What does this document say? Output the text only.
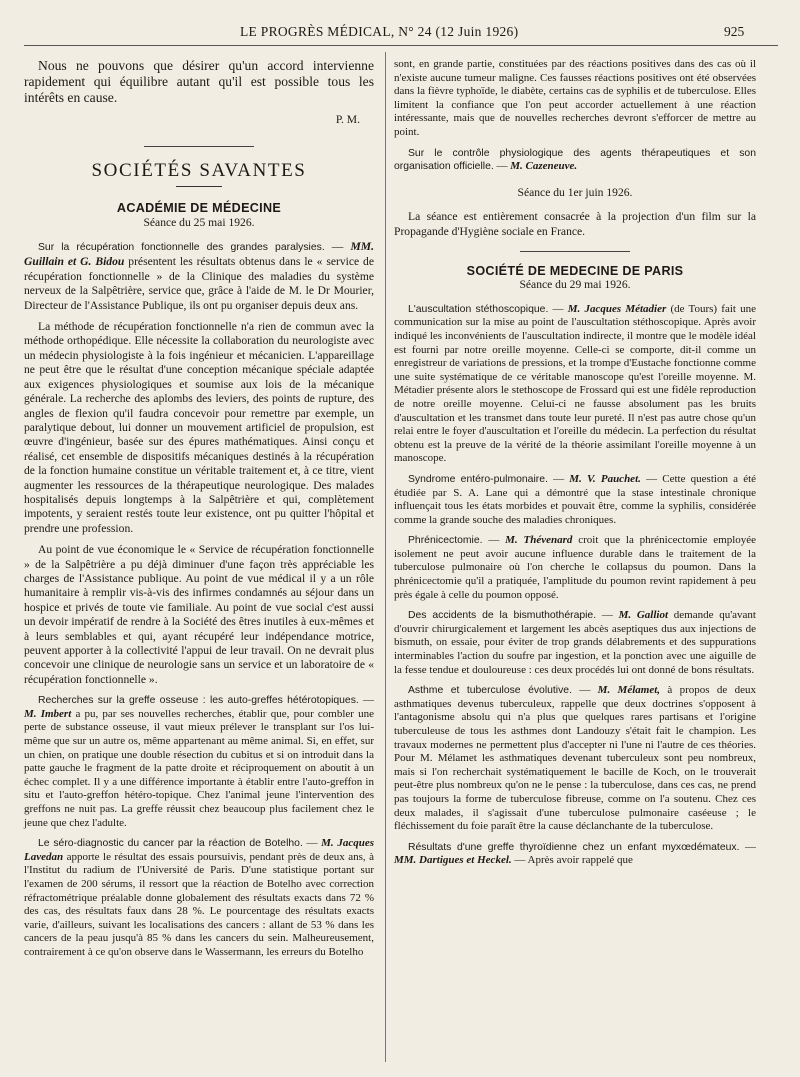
LE PROGRÈS MÉDICAL, N° 24 (12 Juin 1926)	925

Nous ne pouvons que désirer qu'un accord intervienne rapidement qui équilibre autant qu'il est possible tous les intérêts en cause.

P. M.

SOCIÉTÉS SAVANTES
ACADÉMIE DE MÉDECINE
Séance du 25 mai 1926.

Sur la récupération fonctionnelle des grandes paralysies. — MM. Guillain et G. Bidou présentent les résultats obtenus dans le « service de récupération fonctionnelle » de la Clinique des maladies du système nerveux de la Salpêtrière, service que, grâce à l'aide de M. le Dr Mourier, Directeur de l'Assistance Publique, ils ont pu organiser depuis deux ans.

La méthode de récupération fonctionnelle n'a rien de commun avec la méthode orthopédique. Elle nécessite la collaboration du neurologiste avec un médecin physiologiste à la fois ingénieur et mécanicien. L'appareillage ne peut être que le résultat d'une conception mécanique spéciale adaptée aux exigences physiologiques et soumise aux lois de la mécanique générale. La recherche des aplombs des leviers, des points de rupture, des angles de flexion qu'il faudra concevoir pour remettre par exemple, un paralytique debout, lui donner un mouvement artificiel de propulsion, est œuvre d'ingénieur, basée sur des épures mathématiques. Ainsi conçu et réalisé, cet ensemble de dispositifs mécaniques destinés à la récupération de la fonction humaine constitue un véritable traitement et, à ce titre, vient augmenter les ressources de la thérapeutique neurologique. Des malades hospitalisés depuis longtemps à la Salpêtrière et qui, complètement impotents, y seraient restés toute leur existence, ont pu quitter l'hôpital et prendre une profession.

Au point de vue économique le « Service de récupération fonctionnelle » de la Salpêtrière a pu déjà diminuer d'une façon très appréciable les charges de l'Assistance publique. Au point de vue médical il y a un rôle humanitaire à remplir vis-à-vis des infirmes condamnés au séjour dans un hospice et privés de toute vie familiale. Au point de vue social c'est aussi un devoir impératif de rendre à la Société des êtres inutiles à eux-mêmes et à leurs semblables et qui, ayant récupéré leur indépendance motrice, peuvent apporter à la collectivité l'appui de leur travail. On ne devrait plus concevoir une clinique de neurologie sans un service et un laboratoire de « récupération fonctionnelle ».

Recherches sur la greffe osseuse : les auto-greffes hétérotopiques. — M. Imbert a pu, par ses nouvelles recherches, établir que, pour combler une perte de substance osseuse, il vaut mieux prélever le transplant sur l'os lui-même que sur un autre os, même appartenant au même animal. Si, en effet, sur un chien, on pratique une double résection du cubitus et si on introduit dans la patte gauche le fragment de la patte droite et réciproquement on aboutit à un échec complet. Il y a une différence importante à établir entre l'auto-greffon in situ et l'auto-greffon hétéro-topique. Chez l'animal jeune l'intervention des greffons ne nuit pas. La greffe réussit chez beaucoup plus facilement chez le jeune que chez l'adulte.

Le séro-diagnostic du cancer par la réaction de Botelho. — M. Jacques Lavedan apporte le résultat des essais poursuivis, pendant près de deux ans, à l'Institut du radium de l'Université de Paris. D'une statistique portant sur l'examen de 200 sérums, il ressort que la réaction de Botelho avec correction réfractométrique préalable donne globalement des résultats exacts dans 72 % des cas, des résultats faux dans 28 %. Le pourcentage des résultats exacts varie, d'ailleurs, suivant les localisations des cancers : allant de 53 % dans les cancers de la peau jusqu'à 85 % dans les cancers du sein. Malheureusement, contrairement à ce qu'on observe dans le Wassermann, les erreurs du Botelho

sont, en grande partie, constituées par des réactions positives dans des cas où il n'existe aucune tumeur maligne. Ces fausses réactions positives ont été observées dans la fièvre typhoïde, le diabète, certains cas de syphilis et de tuberculose. Elles limitent la confiance que l'on peut accorder actuellement à une réaction intéressante, mais que de nouvelles recherches devront s'efforcer de mettre au point.

Sur le contrôle physiologique des agents thérapeutiques et son organisation officielle. — M. Cazeneuve.

Séance du 1er juin 1926.

La séance est entièrement consacrée à la projection d'un film sur la Propagande d'Hygiène sociale en France.

SOCIÉTÉ DE MEDECINE DE PARIS
Séance du 29 mai 1926.

L'auscultation stéthoscopique. — M. Jacques Métadier (de Tours) fait une communication sur la mise au point de l'auscultation stéthoscopique. Après avoir indiqué les inconvénients de l'auscultation indirecte, il montre que le modèle idéal est fourni par notre oreille moyenne. Celle-ci se comporte, dit-il comme un enregistreur de variations de pressions, et la trompe d'Eustache fonctionne comme une suite systématique de ce véritable manoscope qu'est l'oreille moyenne. M. Métadier présente alors le stethoscope de Frossard qui est une fidèle reproduction de notre oreille moyenne. Celui-ci ne fausse absolument pas les bruits d'auscultation et les transmet dans toute leur pureté. Il n'est pas autre chose qu'un relai entre le foyer d'auscultation et l'oreille du médecin. La perfection du résultat obtenu est la preuve de la vérité de la théorie assimilant l'oreille moyenne à un manoscope.

Syndrome entéro-pulmonaire. — M. V. Pauchet. — Cette question a été étudiée par S. A. Lane qui a démontré que la stase intestinale chronique influençait tous les états morbides et pouvait être, comme la syphilis, considérée comme la grande souche des maladies chroniques.

Phrénicectomie. — M. Thévenard croit que la phrénicectomie employée isolement ne peut avoir aucune influence durable dans le traitement de la tuberculose pulmonaire où l'on cherche le collapsus du poumon. Dans la phrénicectomie qu'il a pratiquée, l'amplitude du poumon revint rapidement à peu près égale à celle du poumon opposé.

Des accidents de la bismuthothérapie. — M. Galliot demande qu'avant d'ouvrir chirurgicalement et largement les abcès aseptiques dus aux injections de bismuth, on essaie, pour éviter de trop grands délabrements et des suppurations interminables l'action du soufre par ingestion, et la ponction avec une aiguille de la fesse tendue et douloureuse : ces deux procédés lui ont donné de bons résultats.

Asthme et tuberculose évolutive. — M. Mélamet, à propos de deux asthmatiques devenus tuberculeux, rappelle que deux doctrines s'opposent à l'antagonisme absolu qui n'a plus que quelques rares partisans et l'origine tuberculeuse de tous les asthmes dont Landouzy s'était fait le champion. Les travaux modernes ne permettent plus d'accepter ni l'une ni l'autre de ces théories. Pour M. Mélamet les asthmatiques devenant tuberculeux sont peu nombreux, mais si l'on recherchait systématiquement le bacille de Koch, on le trouverait peut-être plus nombreux qu'on ne le pense : la tuberculose, dans ces cas, ne prend pas toujours la forme de tuberculose fibreuse, comme on l'a soutenu. Chez ces deux malades, il s'agissait d'une tuberculose pulmonaire caséeuse ; le fléchissement du foie paraît être la cause déclanchante de la tuberculose.

Résultats d'une greffe thyroïdienne chez un enfant myxœdémateux. — MM. Dartigues et Heckel. — Après avoir rappelé que
